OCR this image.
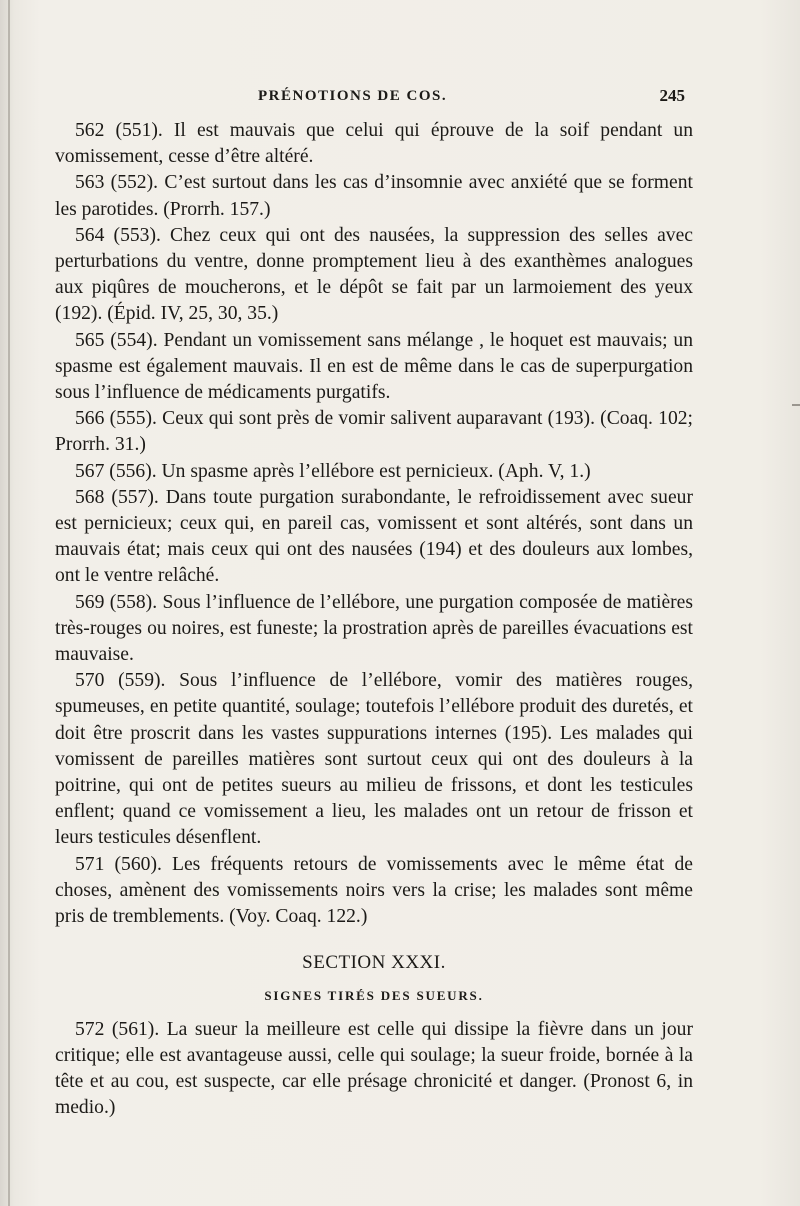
PRÉNOTIONS DE COS.	245

562 (551). Il est mauvais que celui qui éprouve de la soif pendant un vomissement, cesse d’être altéré.

563 (552). C’est surtout dans les cas d’insomnie avec anxiété que se forment les parotides. (Prorrh. 157.)

564 (553). Chez ceux qui ont des nausées, la suppression des selles avec perturbations du ventre, donne promptement lieu à des exanthèmes analogues aux piqûres de moucherons, et le dépôt se fait par un larmoiement des yeux (192). (Épid. IV, 25, 30, 35.)

565 (554). Pendant un vomissement sans mélange , le hoquet est mauvais; un spasme est également mauvais. Il en est de même dans le cas de superpurgation sous l’influence de médicaments purgatifs.

566 (555). Ceux qui sont près de vomir salivent auparavant (193). (Coaq. 102; Prorrh. 31.)

567 (556). Un spasme après l’ellébore est pernicieux. (Aph. V, 1.)

568 (557). Dans toute purgation surabondante, le refroidissement avec sueur est pernicieux; ceux qui, en pareil cas, vomissent et sont altérés, sont dans un mauvais état; mais ceux qui ont des nausées (194) et des douleurs aux lombes, ont le ventre relâché.

569 (558). Sous l’influence de l’ellébore, une purgation composée de matières très-rouges ou noires, est funeste; la prostration après de pareilles évacuations est mauvaise.

570 (559). Sous l’influence de l’ellébore, vomir des matières rouges, spumeuses, en petite quantité, soulage; toutefois l’ellébore produit des duretés, et doit être proscrit dans les vastes suppurations internes (195). Les malades qui vomissent de pareilles matières sont surtout ceux qui ont des douleurs à la poitrine, qui ont de petites sueurs au milieu de frissons, et dont les testicules enflent; quand ce vomissement a lieu, les malades ont un retour de frisson et leurs testicules désenflent.

571 (560). Les fréquents retours de vomissements avec le même état de choses, amènent des vomissements noirs vers la crise; les malades sont même pris de tremblements. (Voy. Coaq. 122.)

SECTION XXXI.
SIGNES TIRÉS DES SUEURS.

572 (561). La sueur la meilleure est celle qui dissipe la fièvre dans un jour critique; elle est avantageuse aussi, celle qui soulage; la sueur froide, bornée à la tête et au cou, est suspecte, car elle présage chronicité et danger. (Pronost 6, in medio.)
